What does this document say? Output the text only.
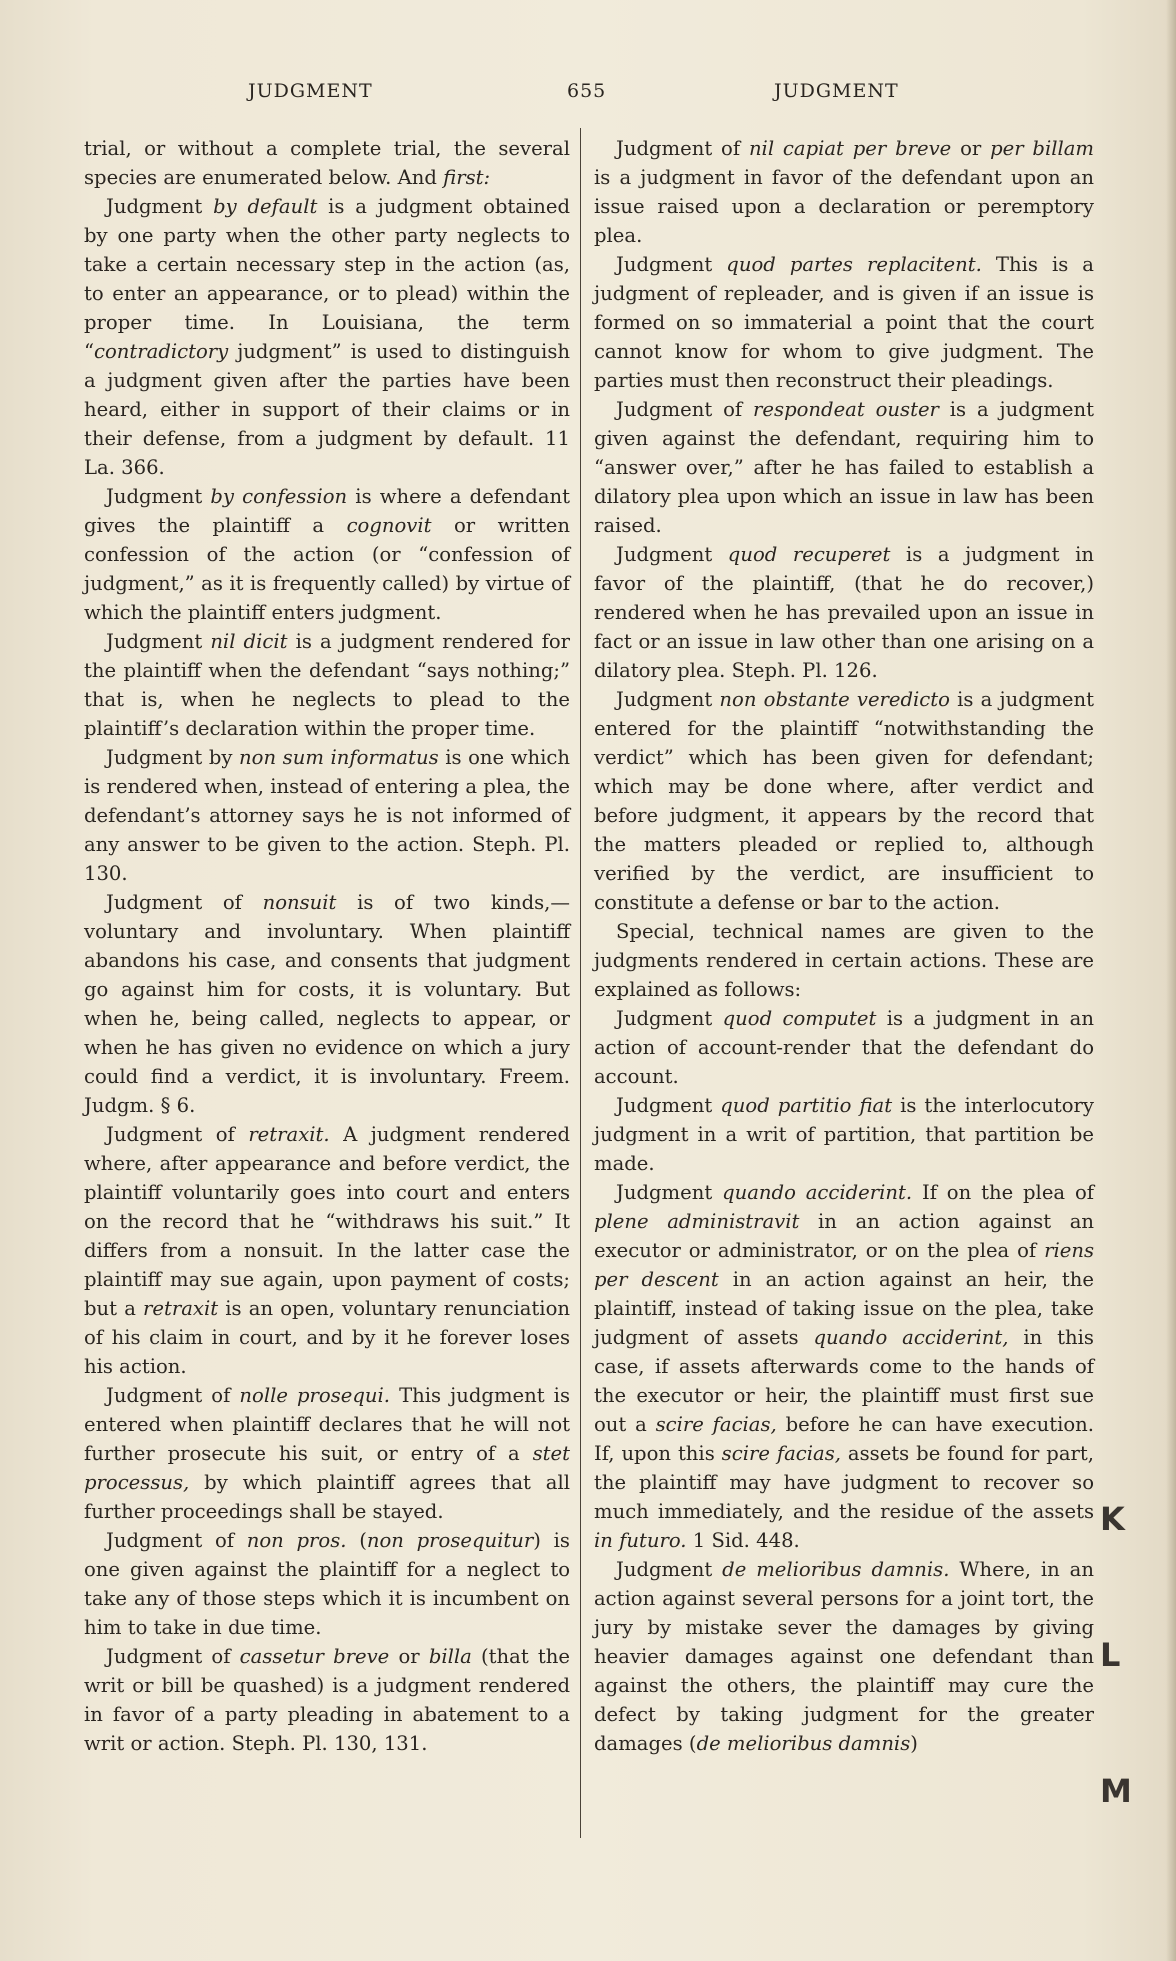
JUDGMENT	655	JUDGMENT

trial, or without a complete trial, the several species are enumerated below. And first:

Judgment by default is a judgment obtained by one party when the other party neglects to take a certain necessary step in the action (as, to enter an appearance, or to plead) within the proper time. In Louisiana, the term “contradictory judgment” is used to distinguish a judgment given after the parties have been heard, either in support of their claims or in their defense, from a judgment by default. 11 La. 366.

Judgment by confession is where a defendant gives the plaintiff a cognovit or written confession of the action (or “confession of judgment,” as it is frequently called) by virtue of which the plaintiff enters judgment.

Judgment nil dicit is a judgment rendered for the plaintiff when the defendant “says nothing;” that is, when he neglects to plead to the plaintiff’s declaration within the proper time.

Judgment by non sum informatus is one which is rendered when, instead of entering a plea, the defendant’s attorney says he is not informed of any answer to be given to the action. Steph. Pl. 130.

Judgment of nonsuit is of two kinds,—voluntary and involuntary. When plaintiff abandons his case, and consents that judgment go against him for costs, it is voluntary. But when he, being called, neglects to appear, or when he has given no evidence on which a jury could find a verdict, it is involuntary. Freem. Judgm. § 6.

Judgment of retraxit. A judgment rendered where, after appearance and before verdict, the plaintiff voluntarily goes into court and enters on the record that he “withdraws his suit.” It differs from a nonsuit. In the latter case the plaintiff may sue again, upon payment of costs; but a retraxit is an open, voluntary renunciation of his claim in court, and by it he forever loses his action.

Judgment of nolle prosequi. This judgment is entered when plaintiff declares that he will not further prosecute his suit, or entry of a stet processus, by which plaintiff agrees that all further proceedings shall be stayed.

Judgment of non pros. (non prosequitur) is one given against the plaintiff for a neglect to take any of those steps which it is incumbent on him to take in due time.

Judgment of cassetur breve or billa (that the writ or bill be quashed) is a judgment rendered in favor of a party pleading in abatement to a writ or action. Steph. Pl. 130, 131.

Judgment of nil capiat per breve or per billam is a judgment in favor of the defendant upon an issue raised upon a declaration or peremptory plea.

Judgment quod partes replacitent. This is a judgment of repleader, and is given if an issue is formed on so immaterial a point that the court cannot know for whom to give judgment. The parties must then reconstruct their pleadings.

Judgment of respondeat ouster is a judgment given against the defendant, requiring him to “answer over,” after he has failed to establish a dilatory plea upon which an issue in law has been raised.

Judgment quod recuperet is a judgment in favor of the plaintiff, (that he do recover,) rendered when he has prevailed upon an issue in fact or an issue in law other than one arising on a dilatory plea. Steph. Pl. 126.

Judgment non obstante veredicto is a judgment entered for the plaintiff “notwithstanding the verdict” which has been given for defendant; which may be done where, after verdict and before judgment, it appears by the record that the matters pleaded or replied to, although verified by the verdict, are insufficient to constitute a defense or bar to the action.

Special, technical names are given to the judgments rendered in certain actions. These are explained as follows:

Judgment quod computet is a judgment in an action of account-render that the defendant do account.

Judgment quod partitio fiat is the interlocutory judgment in a writ of partition, that partition be made.

Judgment quando acciderint. If on the plea of plene administravit in an action against an executor or administrator, or on the plea of riens per descent in an action against an heir, the plaintiff, instead of taking issue on the plea, take judgment of assets quando acciderint, in this case, if assets afterwards come to the hands of the executor or heir, the plaintiff must first sue out a scire facias, before he can have execution. If, upon this scire facias, assets be found for part, the plaintiff may have judgment to recover so much immediately, and the residue of the assets in futuro. 1 Sid. 448.

Judgment de melioribus damnis. Where, in an action against several persons for a joint tort, the jury by mistake sever the damages by giving heavier damages against one defendant than against the others, the plaintiff may cure the defect by taking judgment for the greater damages (de melioribus damnis)

K
L
M
